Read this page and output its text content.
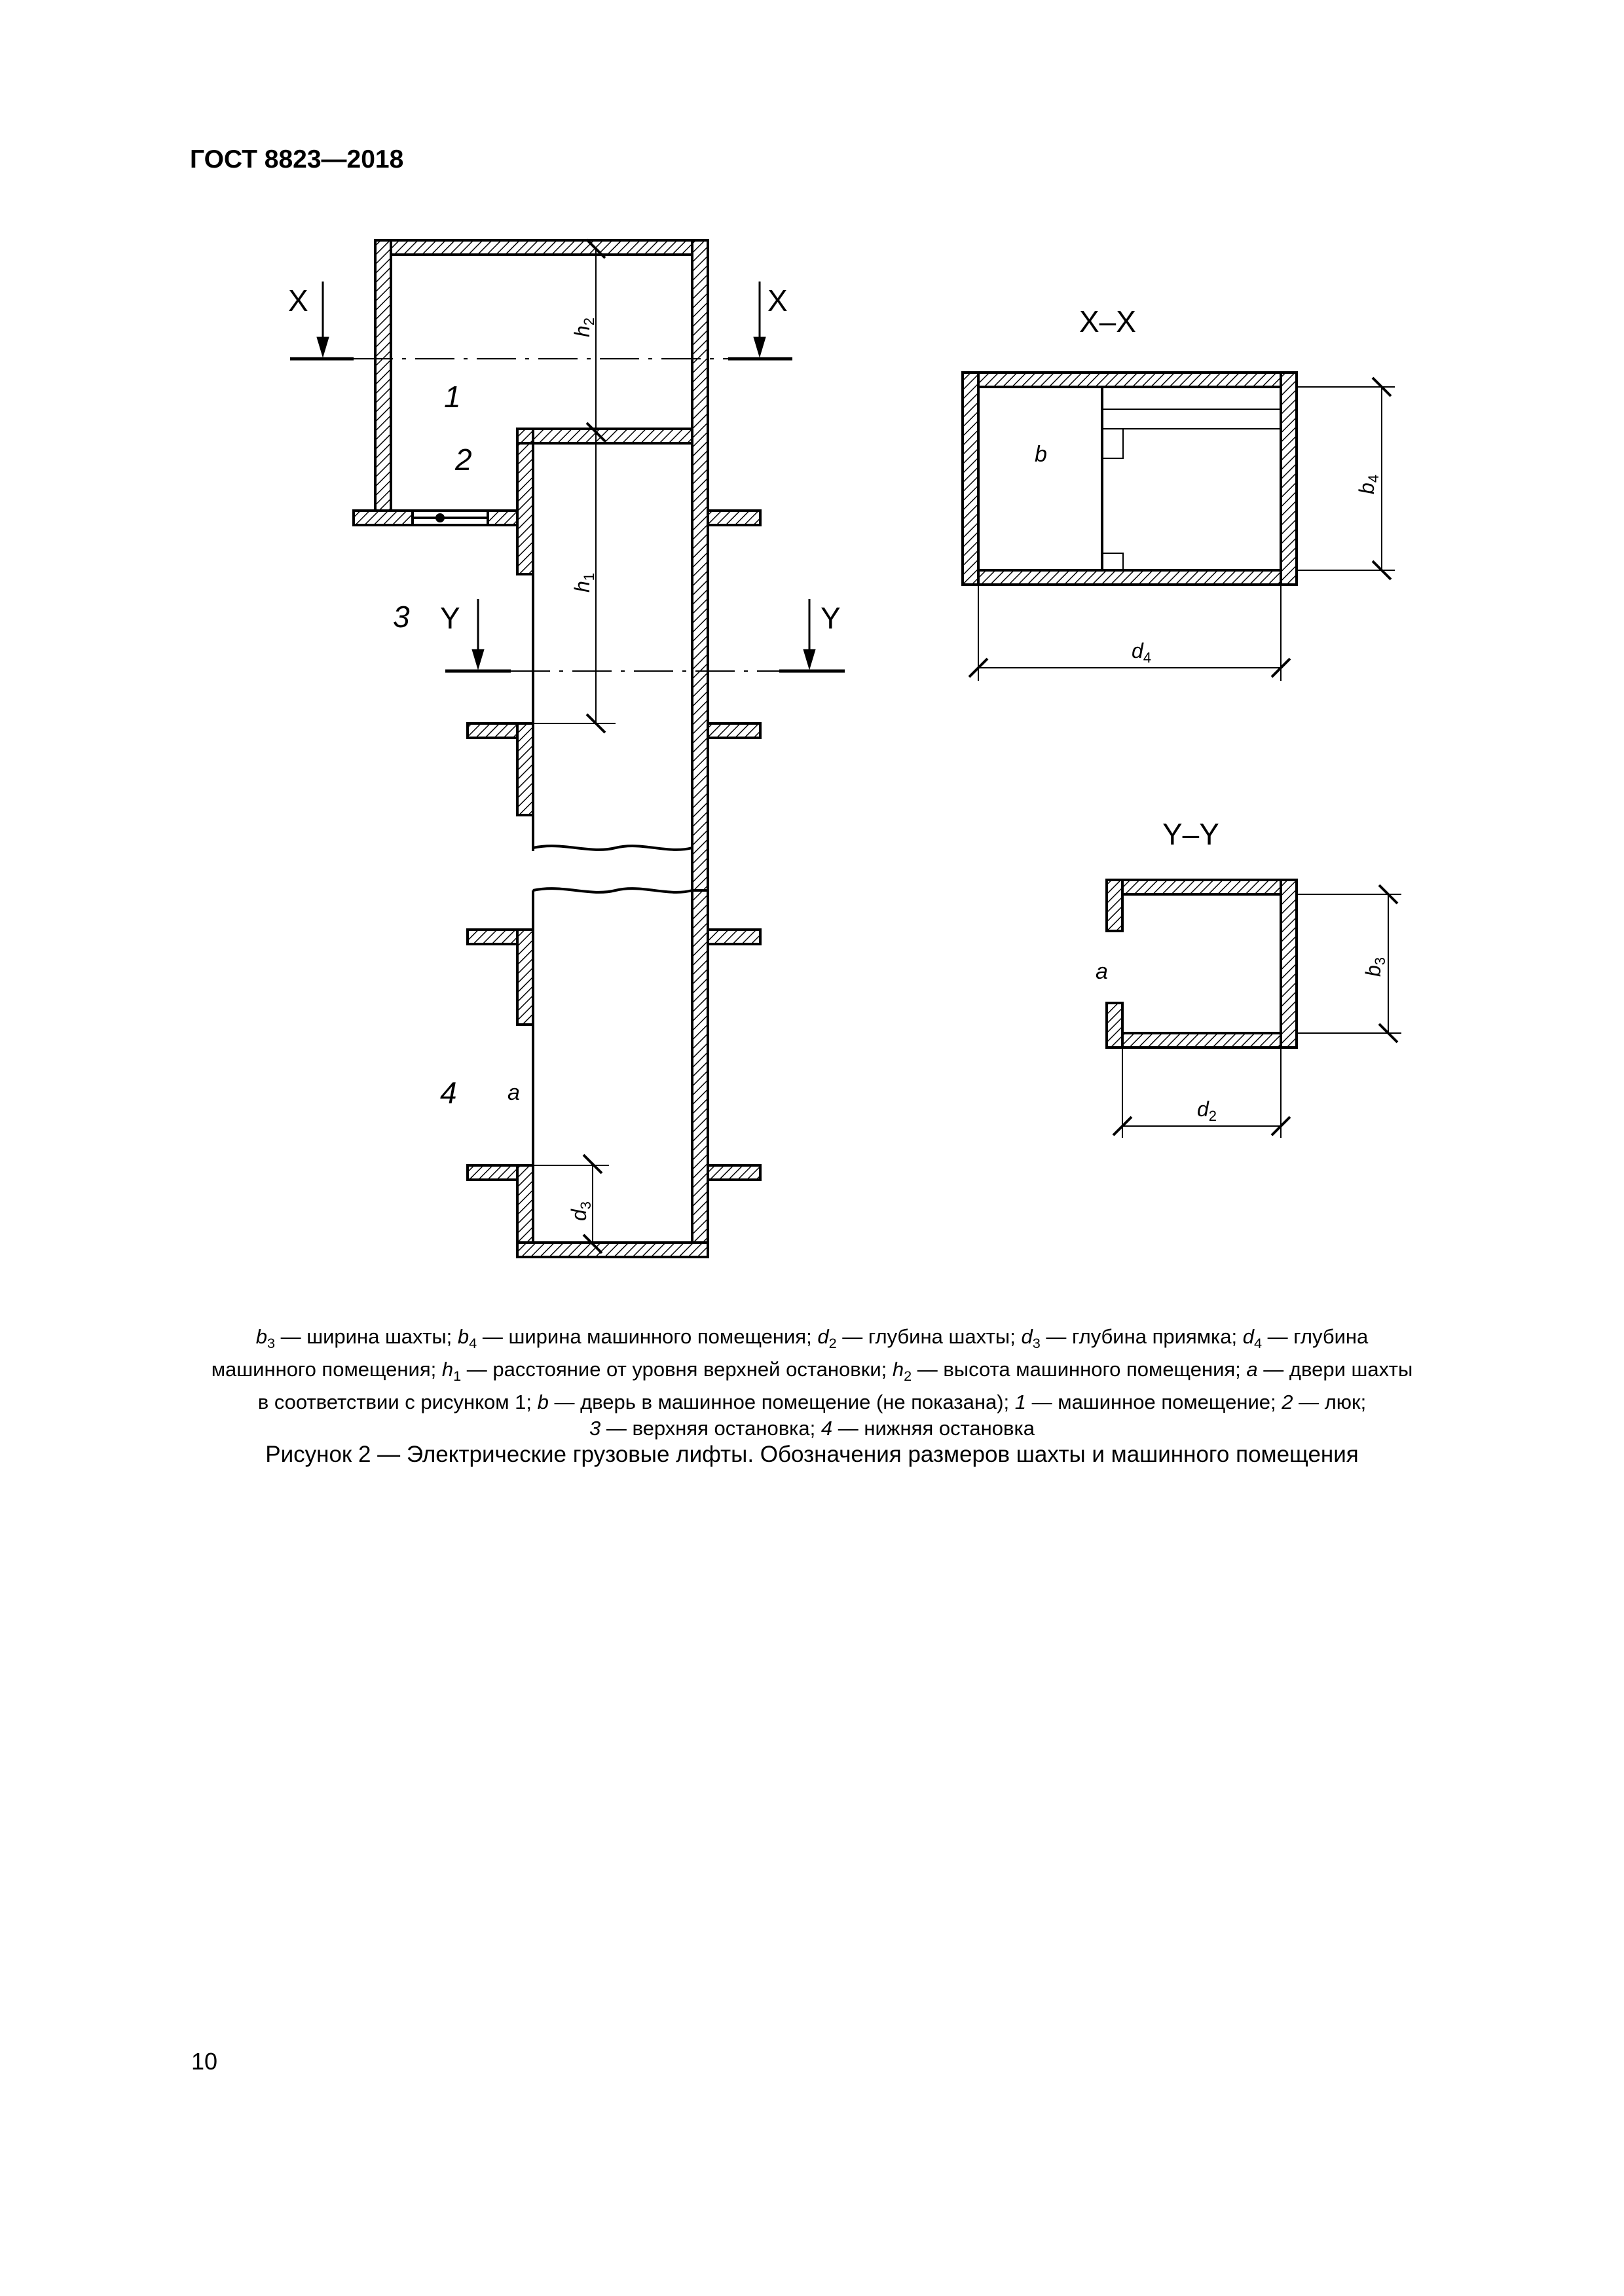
ГОСТ 8823—2018
X	X
Y	Y
1
2
3
4 a
X–X
Y–Y
b
a
$h_2$
$h_1$
$d_3$
$b_4$
$b_3$
$d_4$
$d_2$
$b_3$ — ширина шахты; $b_4$ — ширина машинного помещения; $d_2$ — глубина шахты; $d_3$ — глубина приямка; $d_4$ — глубина
машинного помещения; $h_1$ — расстояние от уровня верхней остановки; $h_2$ — высота машинного помещения; a — двери шахты
в соответствии с рисунком 1; b — дверь в машинное помещение (не показана); 1 — машинное помещение; 2 — люк;
3 — верхняя остановка; 4 — нижняя остановка
Рисунок 2 — Электрические грузовые лифты. Обозначения размеров шахты и машинного помещения
10
